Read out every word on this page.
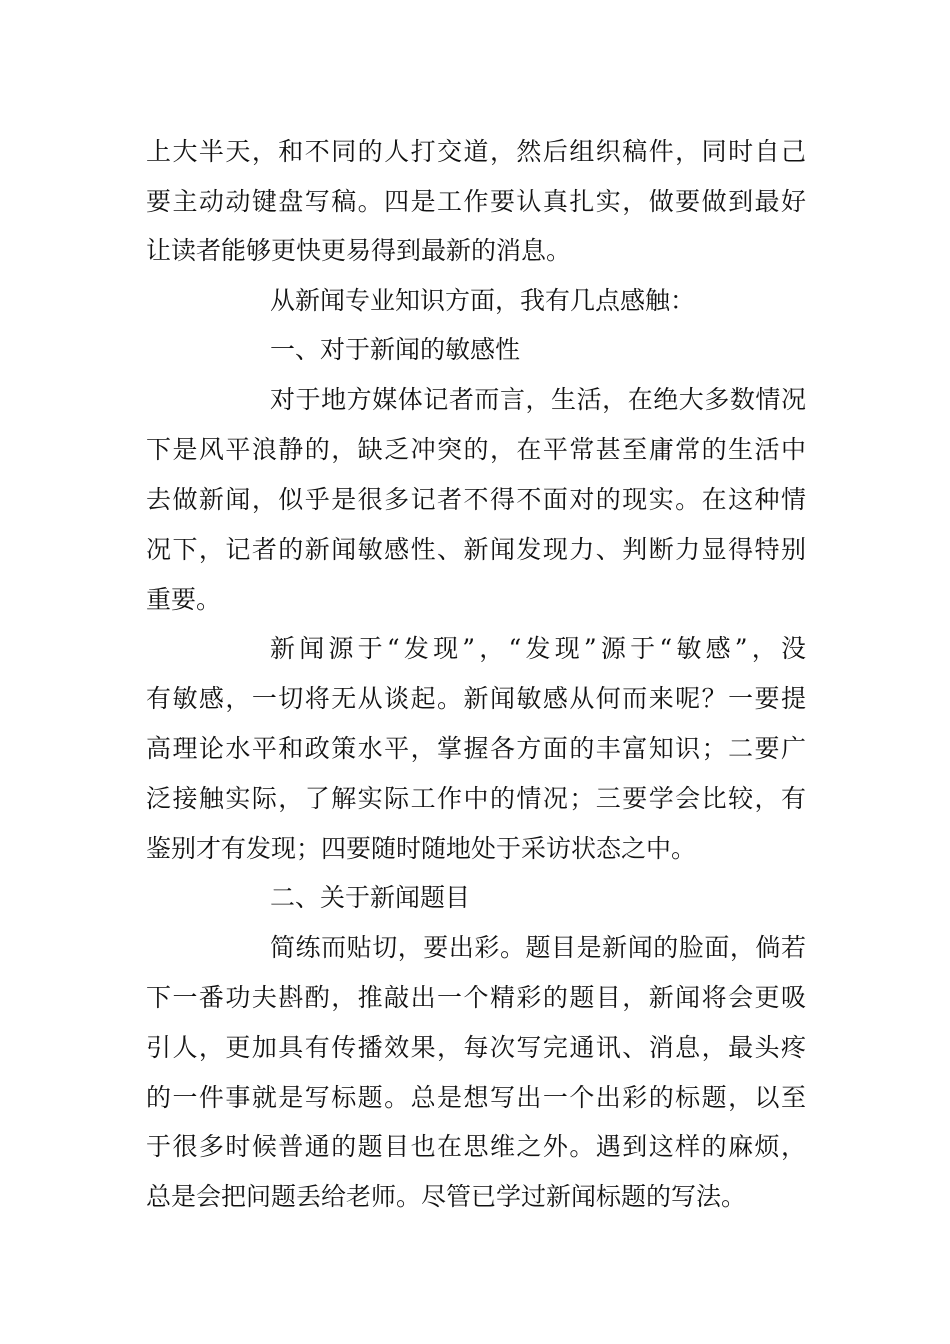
上大半天，和不同的人打交道，然后组织稿件，同时自己
要主动动键盘写稿。四是工作要认真扎实，做要做到最好
让读者能够更快更易得到最新的消息。
从新闻专业知识方面，我有几点感触：
一、对于新闻的敏感性
对于地方媒体记者而言，生活，在绝大多数情况
下是风平浪静的，缺乏冲突的，在平常甚至庸常的生活中
去做新闻，似乎是很多记者不得不面对的现实。在这种情
况下，记者的新闻敏感性、新闻发现力、判断力显得特别
重要。
新闻源于“发现”，“发现”源于“敏感”，没
有敏感，一切将无从谈起。新闻敏感从何而来呢？一要提
高理论水平和政策水平，掌握各方面的丰富知识；二要广
泛接触实际，了解实际工作中的情况；三要学会比较，有
鉴别才有发现；四要随时随地处于采访状态之中。
二、关于新闻题目
简练而贴切，要出彩。题目是新闻的脸面，倘若
下一番功夫斟酌，推敲出一个精彩的题目，新闻将会更吸
引人，更加具有传播效果，每次写完通讯、消息，最头疼
的一件事就是写标题。总是想写出一个出彩的标题，以至
于很多时候普通的题目也在思维之外。遇到这样的麻烦，
总是会把问题丢给老师。尽管已学过新闻标题的写法。
